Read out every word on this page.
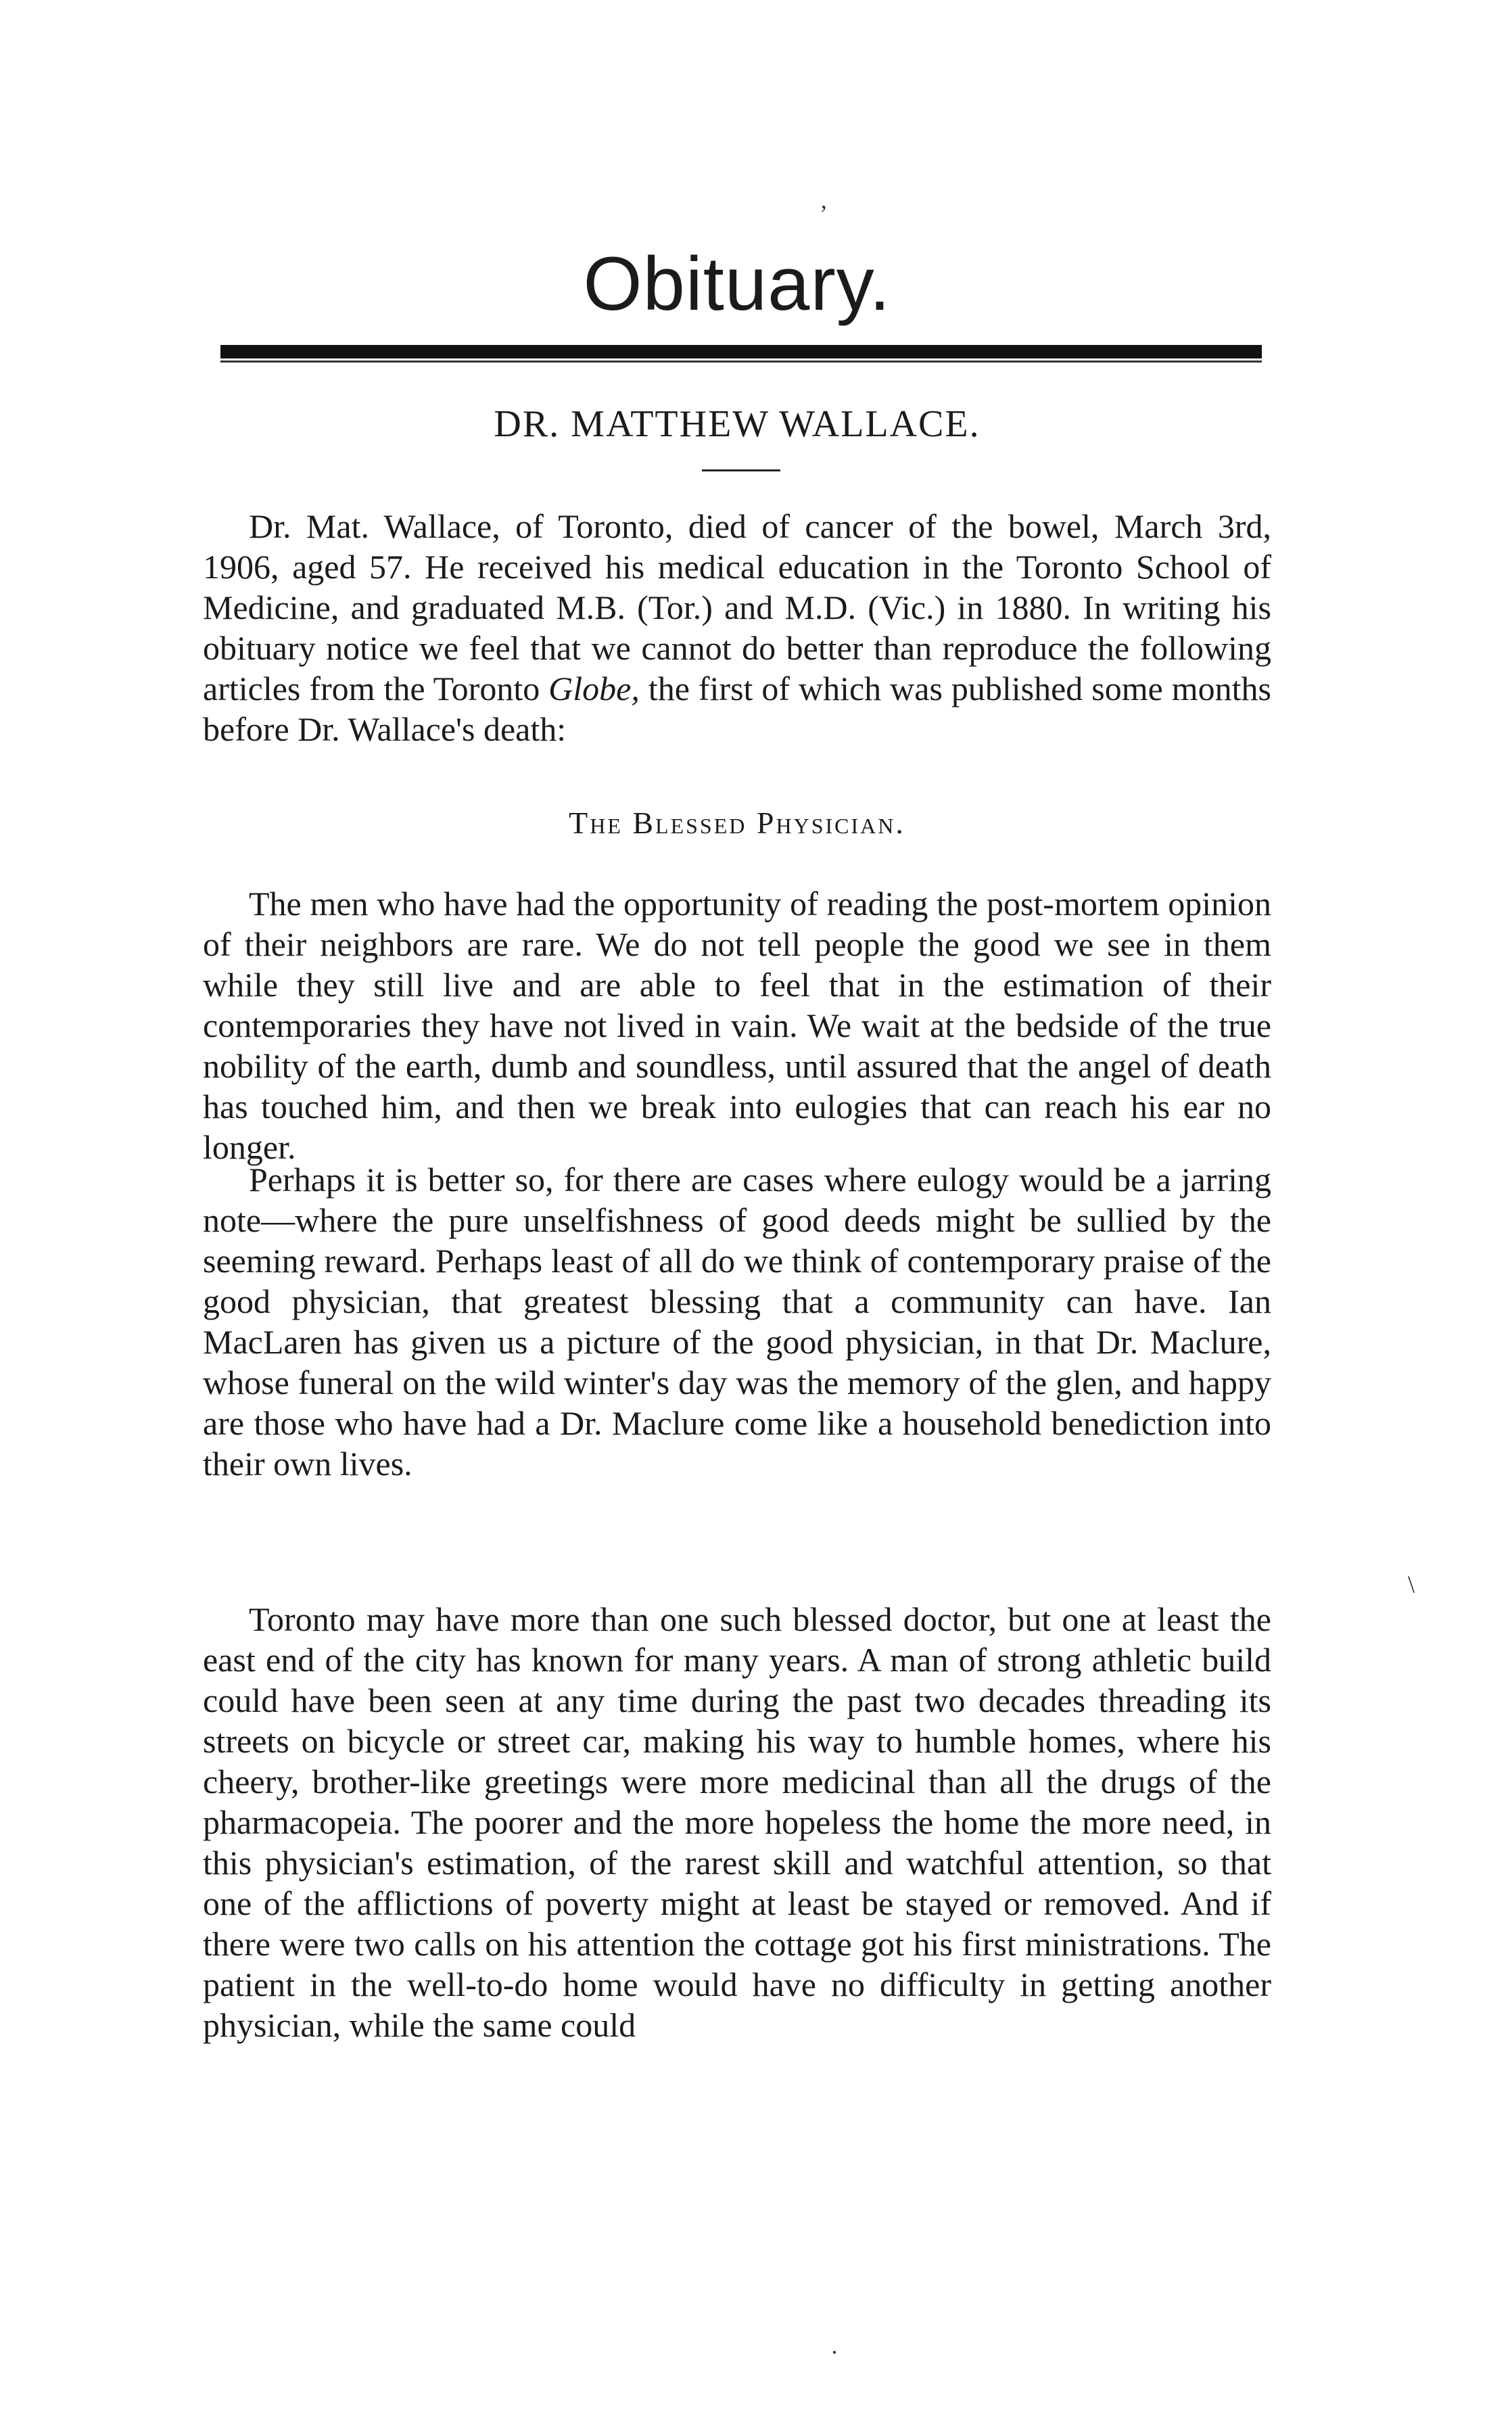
ʼ
Obituary.
DR. MATTHEW WALLACE.

Dr. Mat. Wallace, of Toronto, died of cancer of the bowel, March 3rd, 1906, aged 57. He received his medical education in the Toronto School of Medicine, and graduated M.B. (Tor.) and M.D. (Vic.) in 1880. In writing his obituary notice we feel that we cannot do better than reproduce the following articles from the Toronto Globe, the first of which was published some months before Dr. Wallace's death:

The Blessed Physician.

The men who have had the opportunity of reading the post-mortem opinion of their neighbors are rare. We do not tell people the good we see in them while they still live and are able to feel that in the estimation of their contemporaries they have not lived in vain. We wait at the bedside of the true nobility of the earth, dumb and soundless, until assured that the angel of death has touched him, and then we break into eulogies that can reach his ear no longer.

Perhaps it is better so, for there are cases where eulogy would be a jarring note—where the pure unselfishness of good deeds might be sullied by the seeming reward. Perhaps least of all do we think of contemporary praise of the good physician, that greatest blessing that a community can have. Ian MacLaren has given us a picture of the good physician, in that Dr. Maclure, whose funeral on the wild winter's day was the memory of the glen, and happy are those who have had a Dr. Maclure come like a household benediction into their own lives.

Toronto may have more than one such blessed doctor, but one at least the east end of the city has known for many years. A man of strong athletic build could have been seen at any time during the past two decades threading its streets on bicycle or street car, making his way to humble homes, where his cheery, brother-like greetings were more medicinal than all the drugs of the pharmacopeia. The poorer and the more hopeless the home the more need, in this physician's estimation, of the rarest skill and watchful attention, so that one of the afflictions of poverty might at least be stayed or removed. And if there were two calls on his attention the cottage got his first ministrations. The patient in the well-to-do home would have no difficulty in getting another physician, while the same could

\
·
